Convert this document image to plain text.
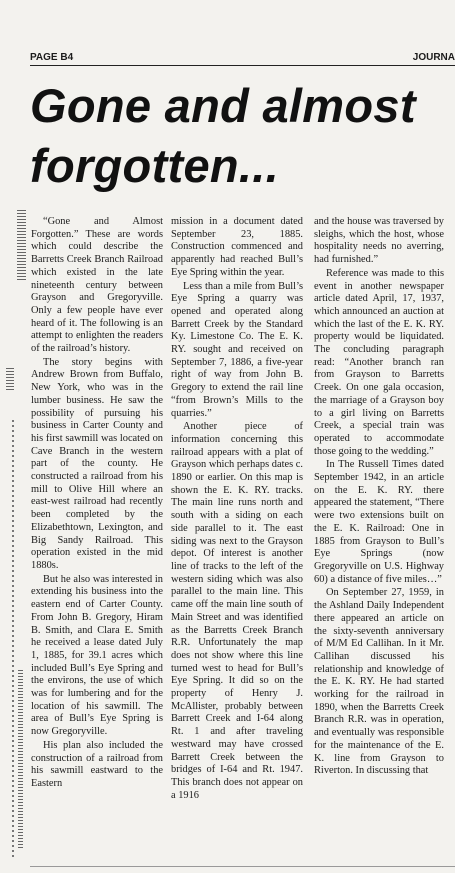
PAGE B4	JOURNA
Gone and almost forgotten...

“Gone and Almost Forgotten.” These are words which could describe the Barretts Creek Branch Railroad which existed in the late nineteenth century between Grayson and Gregoryville. Only a few people have ever heard of it. The following is an attempt to enlighten the readers of the railroad’s history.

The story begins with Andrew Brown from Buffalo, New York, who was in the lumber business. He saw the possibility of pursuing his business in Carter County and his first sawmill was located on Cave Branch in the western part of the county. He constructed a railroad from his mill to Olive Hill where an east-west railroad had recently been completed by the Elizabethtown, Lexington, and Big Sandy Railroad. This operation existed in the mid 1880s.

But he also was interested in extending his business into the eastern end of Carter County. From John B. Gregory, Hiram B. Smith, and Clara E. Smith he received a lease dated July 1, 1885, for 39.1 acres which included Bull’s Eye Spring and the environs, the use of which was for lumbering and for the location of his sawmill. The area of Bull’s Eye Spring is now Gregoryville.

His plan also included the construction of a railroad from his sawmill eastward to the Eastern

mission in a document dated September 23, 1885. Construction commenced and apparently had reached Bull’s Eye Spring within the year.

Less than a mile from Bull’s Eye Spring a quarry was opened and operated along Barrett Creek by the Standard Ky. Limestone Co. The E. K. RY. sought and received on September 7, 1886, a five-year right of way from John B. Gregory to extend the rail line “from Brown’s Mills to the quarries.”

Another piece of information concerning this railroad appears with a plat of Grayson which perhaps dates c. 1890 or earlier. On this map is shown the E. K. RY. tracks. The main line runs north and south with a siding on each side parallel to it. The east siding was next to the Grayson depot. Of interest is another line of tracks to the left of the western siding which was also parallel to the main line. This came off the main line south of Main Street and was identified as the Barretts Creek Branch R.R. Unfortunately the map does not show where this line turned west to head for Bull’s Eye Spring. It did so on the property of Henry J. McAllister, probably between Barrett Creek and I-64 along Rt. 1 and after traveling westward may have crossed Barrett Creek between the bridges of I-64 and Rt. 1947. This branch does not appear on a 1916

and the house was traversed by sleighs, which the host, whose hospitality needs no averring, had furnished.”

Reference was made to this event in another newspaper article dated April, 17, 1937, which announced an auction at which the last of the E. K. RY. property would be liquidated. The concluding paragraph read: “Another branch ran from Grayson to Barretts Creek. On one gala occasion, the marriage of a Grayson boy to a girl living on Barretts Creek, a special train was operated to accommodate those going to the wedding.”

In The Russell Times dated September 1942, in an article on the E. K. RY. there appeared the statement, “There were two extensions built on the E. K. Railroad: One in 1885 from Grayson to Bull’s Eye Springs (now Gregoryville on U.S. Highway 60) a distance of five miles…”

On September 27, 1959, in the Ashland Daily Independent there appeared an article on the sixty-seventh anniversary of M/M Ed Callihan. In it Mr. Callihan discussed his relationship and knowledge of the E. K. RY. He had started working for the railroad in 1890, when the Barretts Creek Branch R.R. was in operation, and eventually was responsible for the maintenance of the E. K. line from Grayson to Riverton. In discussing that
